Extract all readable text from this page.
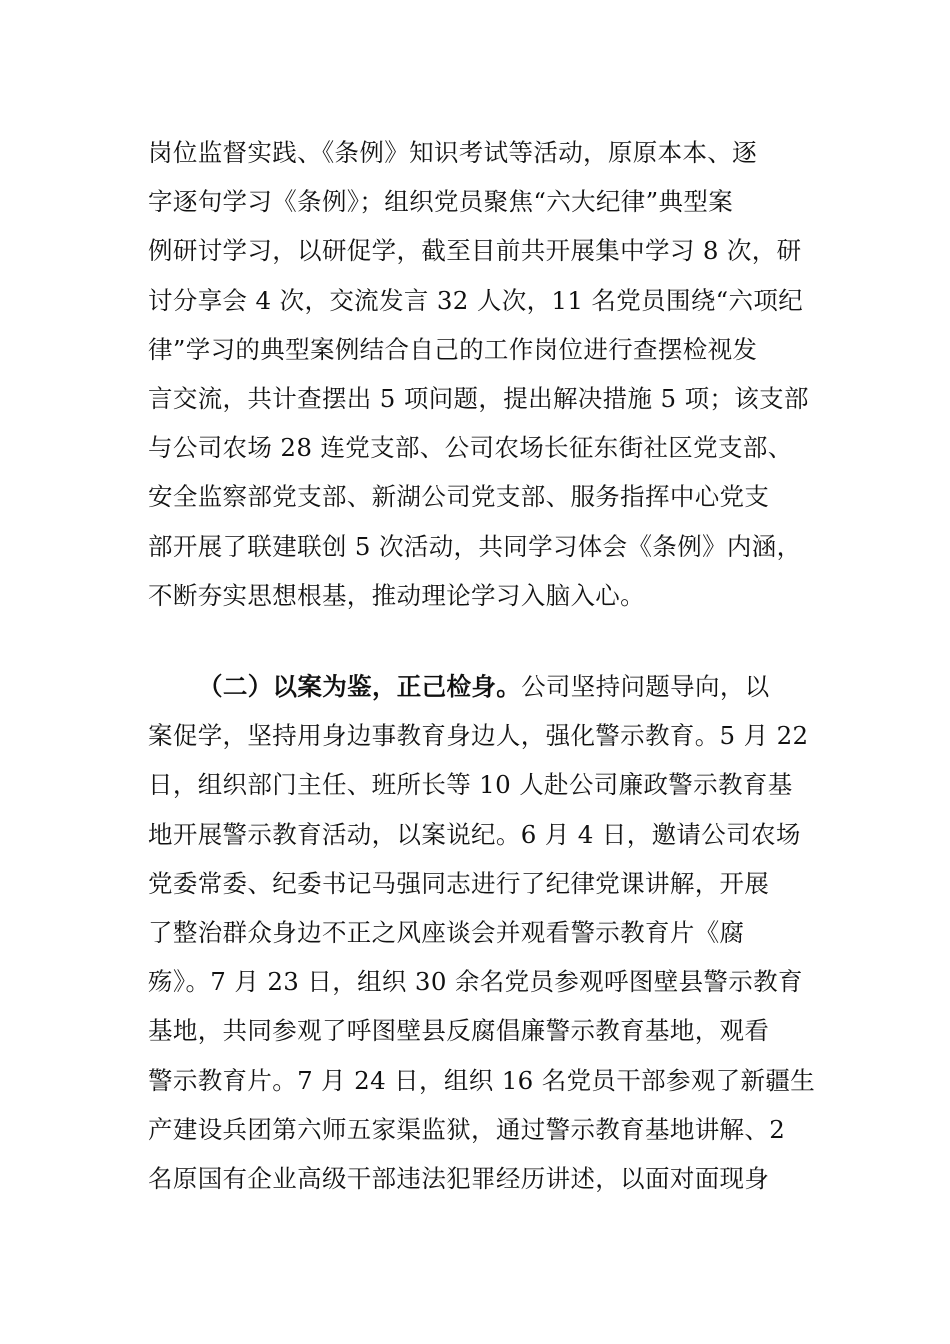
岗位监督实践、《条例》知识考试等活动，原原本本、逐
字逐句学习《条例》；组织党员聚焦“六大纪律”典型案
例研讨学习，以研促学，截至目前共开展集中学习 8 次，研
讨分享会 4 次，交流发言 32 人次，11 名党员围绕“六项纪
律”学习的典型案例结合自己的工作岗位进行查摆检视发
言交流，共计查摆出 5 项问题，提出解决措施 5 项；该支部
与公司农场 28 连党支部、公司农场长征东街社区党支部、
安全监察部党支部、新湖公司党支部、服务指挥中心党支
部开展了联建联创 5 次活动，共同学习体会《条例》内涵，
不断夯实思想根基，推动理论学习入脑入心。
（二）以案为鉴，正己检身。公司坚持问题导向，以
案促学，坚持用身边事教育身边人，强化警示教育。5 月 22
日，组织部门主任、班所长等 10 人赴公司廉政警示教育基
地开展警示教育活动，以案说纪。6 月 4 日，邀请公司农场
党委常委、纪委书记马强同志进行了纪律党课讲解，开展
了整治群众身边不正之风座谈会并观看警示教育片《腐
殇》。7 月 23 日，组织 30 余名党员参观呼图壁县警示教育
基地，共同参观了呼图壁县反腐倡廉警示教育基地，观看
警示教育片。7 月 24 日，组织 16 名党员干部参观了新疆生
产建设兵团第六师五家渠监狱，通过警示教育基地讲解、2
名原国有企业高级干部违法犯罪经历讲述，以面对面现身
